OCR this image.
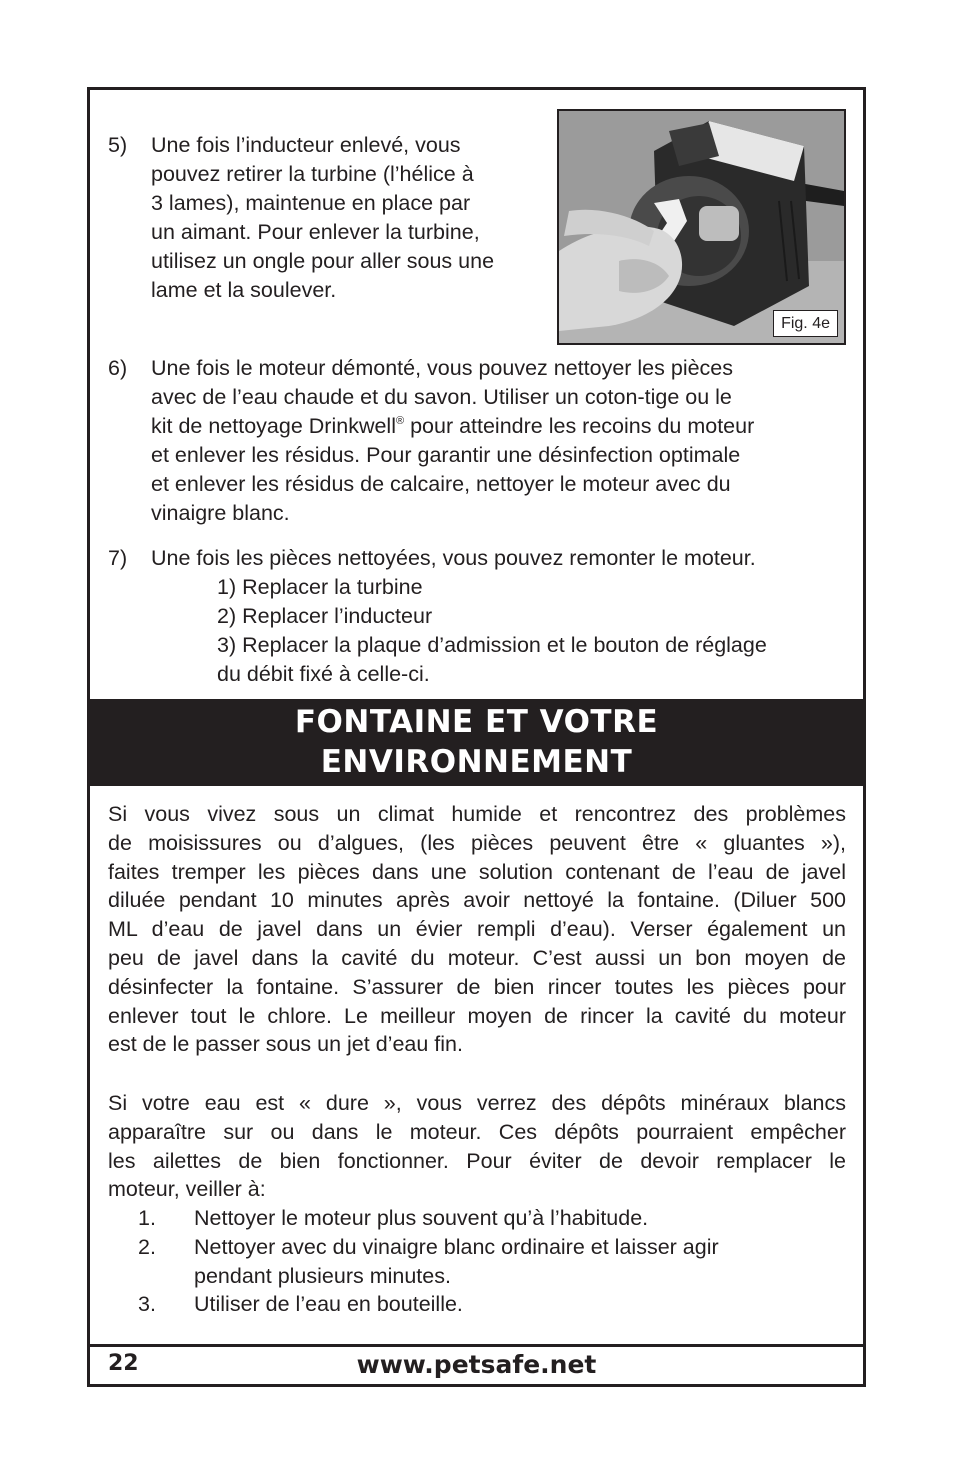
5) Une fois l’inducteur enlevé, vous
pouvez retirer la turbine (l’hélice à
3 lames), maintenue en place par
un aimant. Pour enlever la turbine,
utilisez un ongle pour aller sous une
lame et la soulever.
Fig. 4e
6) Une fois le moteur démonté, vous pouvez nettoyer les pièces
avec de l’eau chaude et du savon. Utiliser un coton-tige ou le
kit de nettoyage Drinkwell® pour atteindre les recoins du moteur
et enlever les résidus. Pour garantir une désinfection optimale
et enlever les résidus de calcaire, nettoyer le moteur avec du
vinaigre blanc.
7) Une fois les pièces nettoyées, vous pouvez remonter le moteur.
1) Replacer la turbine
2) Replacer l’inducteur
3) Replacer la plaque d’admission et le bouton de réglage
du débit fixé à celle-ci.
FONTAINE ET VOTRE
ENVIRONNEMENT
Si vous vivez sous un climat humide et rencontrez des problèmes
de moisissures ou d’algues, (les pièces peuvent être « gluantes »),
faites tremper les pièces dans une solution contenant de l’eau de javel
diluée pendant 10 minutes après avoir nettoyé la fontaine. (Diluer 500
ML d’eau de javel dans un évier rempli d’eau). Verser également un
peu de javel dans la cavité du moteur. C’est aussi un bon moyen de
désinfecter la fontaine. S’assurer de bien rincer toutes les pièces pour
enlever tout le chlore. Le meilleur moyen de rincer la cavité du moteur
est de le passer sous un jet d’eau fin.
Si votre eau est « dure », vous verrez des dépôts minéraux blancs
apparaître sur ou dans le moteur. Ces dépôts pourraient empêcher
les ailettes de bien fonctionner. Pour éviter de devoir remplacer le
moteur, veiller à:
1. Nettoyer le moteur plus souvent qu’à l’habitude.
2. Nettoyer avec du vinaigre blanc ordinaire et laisser agir
pendant plusieurs minutes.
3. Utiliser de l’eau en bouteille.
22	www.petsafe.net
